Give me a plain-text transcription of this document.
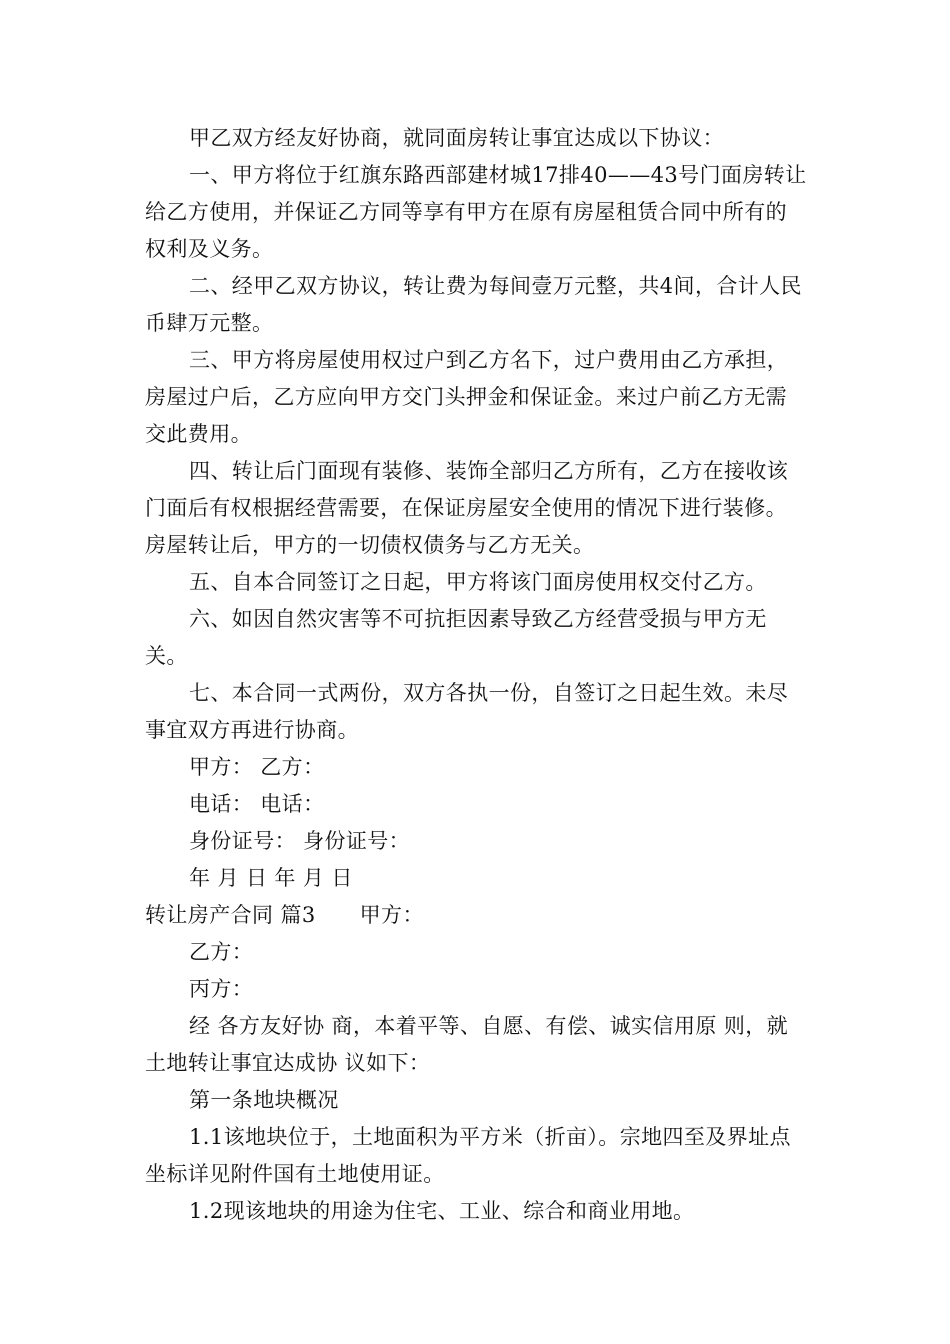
甲乙双方经友好协商，就同面房转让事宜达成以下协议：

一、甲方将位于红旗东路西部建材城17排40——43号门面房转让给乙方使用，并保证乙方同等享有甲方在原有房屋租赁合同中所有的权利及义务。

二、经甲乙双方协议，转让费为每间壹万元整，共4间，合计人民币肆万元整。

三、甲方将房屋使用权过户到乙方名下，过户费用由乙方承担，房屋过户后，乙方应向甲方交门头押金和保证金。来过户前乙方无需交此费用。

四、转让后门面现有装修、装饰全部归乙方所有，乙方在接收该门面后有权根据经营需要，在保证房屋安全使用的情况下进行装修。房屋转让后，甲方的一切债权债务与乙方无关。

五、自本合同签订之日起，甲方将该门面房使用权交付乙方。

六、如因自然灾害等不可抗拒因素导致乙方经营受损与甲方无关。

七、本合同一式两份，双方各执一份，自签订之日起生效。未尽事宜双方再进行协商。

甲方： 乙方：

电话： 电话：

身份证号： 身份证号：

年 月 日 年 月 日

转让房产合同 篇3 甲方：

乙方：

丙方：

经 各方友好协 商，本着平等、自愿、有偿、诚实信用原 则，就土地转让事宜达成协 议如下：

第一条地块概况

1.1该地块位于，土地面积为平方米（折亩）。宗地四至及界址点坐标详见附件国有土地使用证。

1.2现该地块的用途为住宅、工业、综合和商业用地。
